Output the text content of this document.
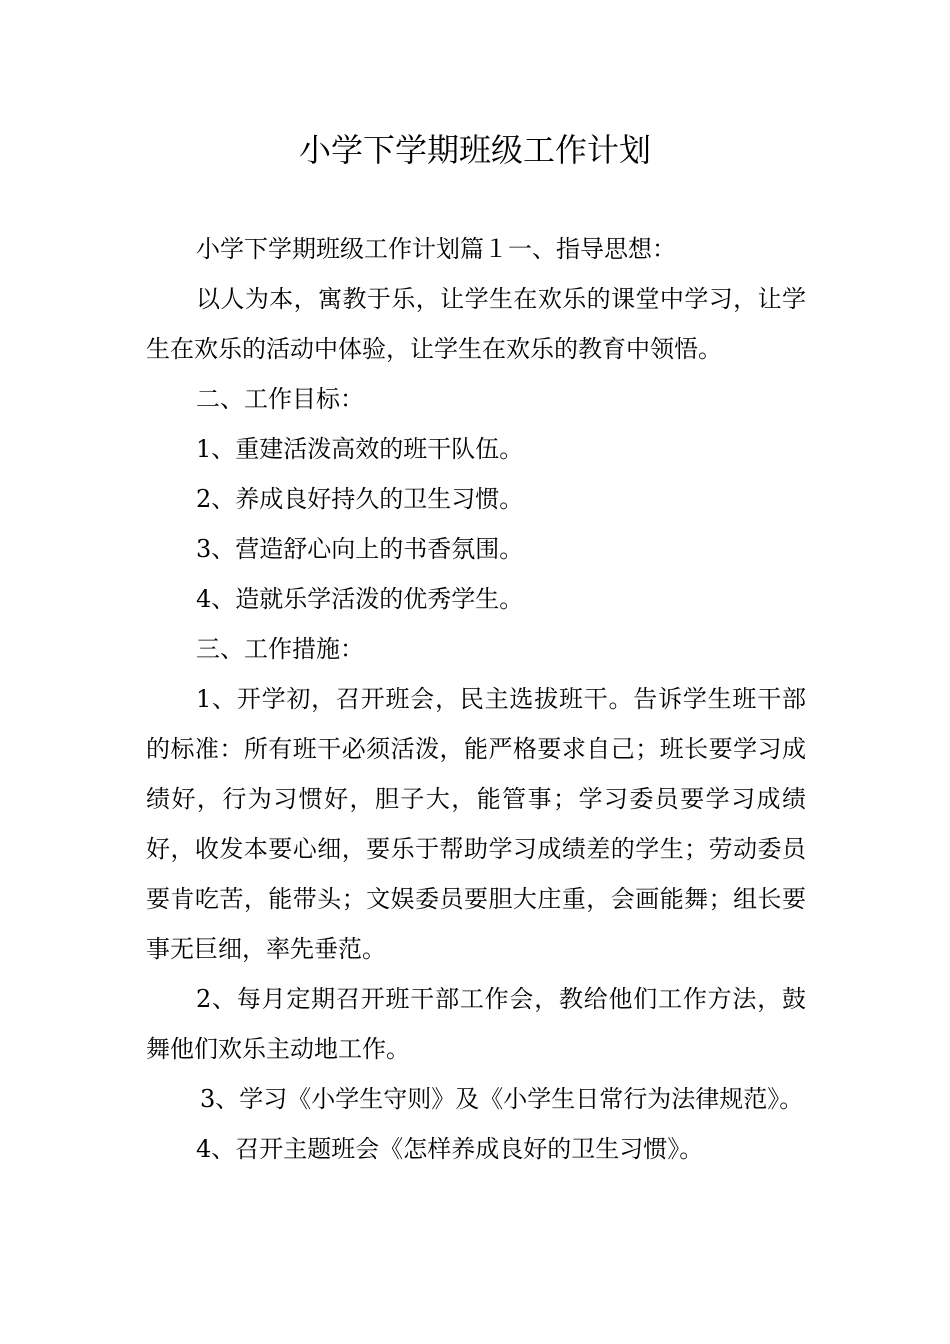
小学下学期班级工作计划

小学下学期班级工作计划篇１一、指导思想：

以人为本，寓教于乐，让学生在欢乐的课堂中学习，让学生在欢乐的活动中体验，让学生在欢乐的教育中领悟。

二、工作目标：

1、重建活泼高效的班干队伍。

2、养成良好持久的卫生习惯。

3、营造舒心向上的书香氛围。

4、造就乐学活泼的优秀学生。

三、工作措施：

1、开学初，召开班会，民主选拔班干。告诉学生班干部的标准：所有班干必须活泼，能严格要求自己；班长要学习成绩好，行为习惯好，胆子大，能管事；学习委员要学习成绩好，收发本要心细，要乐于帮助学习成绩差的学生；劳动委员要肯吃苦，能带头；文娱委员要胆大庄重，会画能舞；组长要事无巨细，率先垂范。

2、每月定期召开班干部工作会，教给他们工作方法，鼓舞他们欢乐主动地工作。

3、学习《小学生守则》及《小学生日常行为法律规范》。

4、召开主题班会《怎样养成良好的卫生习惯》。
